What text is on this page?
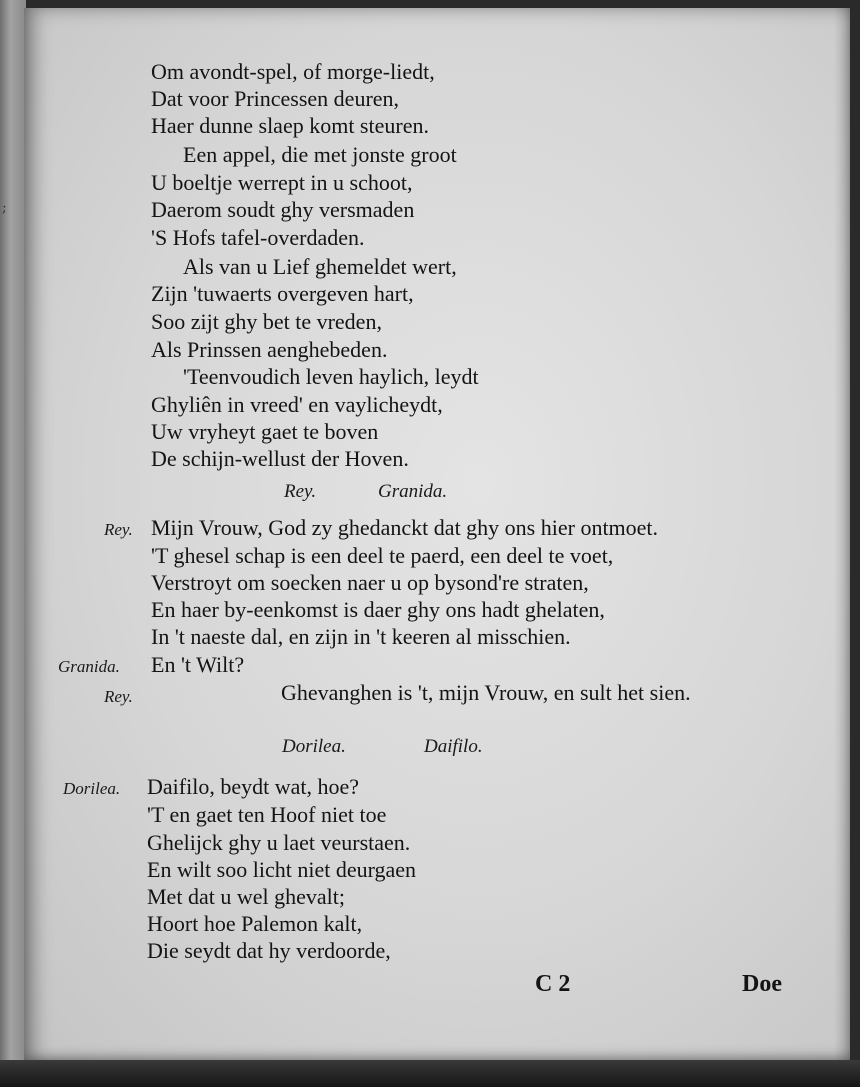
;
Om avondt-spel, of morge-liedt,
Dat voor Princessen deuren,
Haer dunne slaep komt steuren.
Een appel, die met jonste groot
U boeltje werrept in u schoot,
Daerom soudt ghy versmaden
'S Hofs tafel-overdaden.
Als van u Lief ghemeldet wert,
Zijn 'tuwaerts overgeven hart,
Soo zijt ghy bet te vreden,
Als Prinssen aenghebeden.
'Teenvoudich leven haylich, leydt
Ghyliên in vreed' en vaylicheydt,
Uw vryheyt gaet te boven
De schijn-wellust der Hoven.
Rey.	Granida.
Rey. Mijn Vrouw, God zy ghedanckt dat ghy ons hier ontmoet.
'T ghesel schap is een deel te paerd, een deel te voet,
Verstroyt om soecken naer u op bysond're straten,
En haer by-eenkomst is daer ghy ons hadt ghelaten,
In 't naeste dal, en zijn in 't keeren al misschien.
Granida. En 't Wilt?
Rey.	Ghevanghen is 't, mijn Vrouw, en sult het sien.
Dorilea.	Daifilo.
Dorilea. Daifilo, beydt wat, hoe?
'T en gaet ten Hoof niet toe
Ghelijck ghy u laet veurstaen.
En wilt soo licht niet deurgaen
Met dat u wel ghevalt;
Hoort hoe Palemon kalt,
Die seydt dat hy verdoorde,
C 2	Doe
